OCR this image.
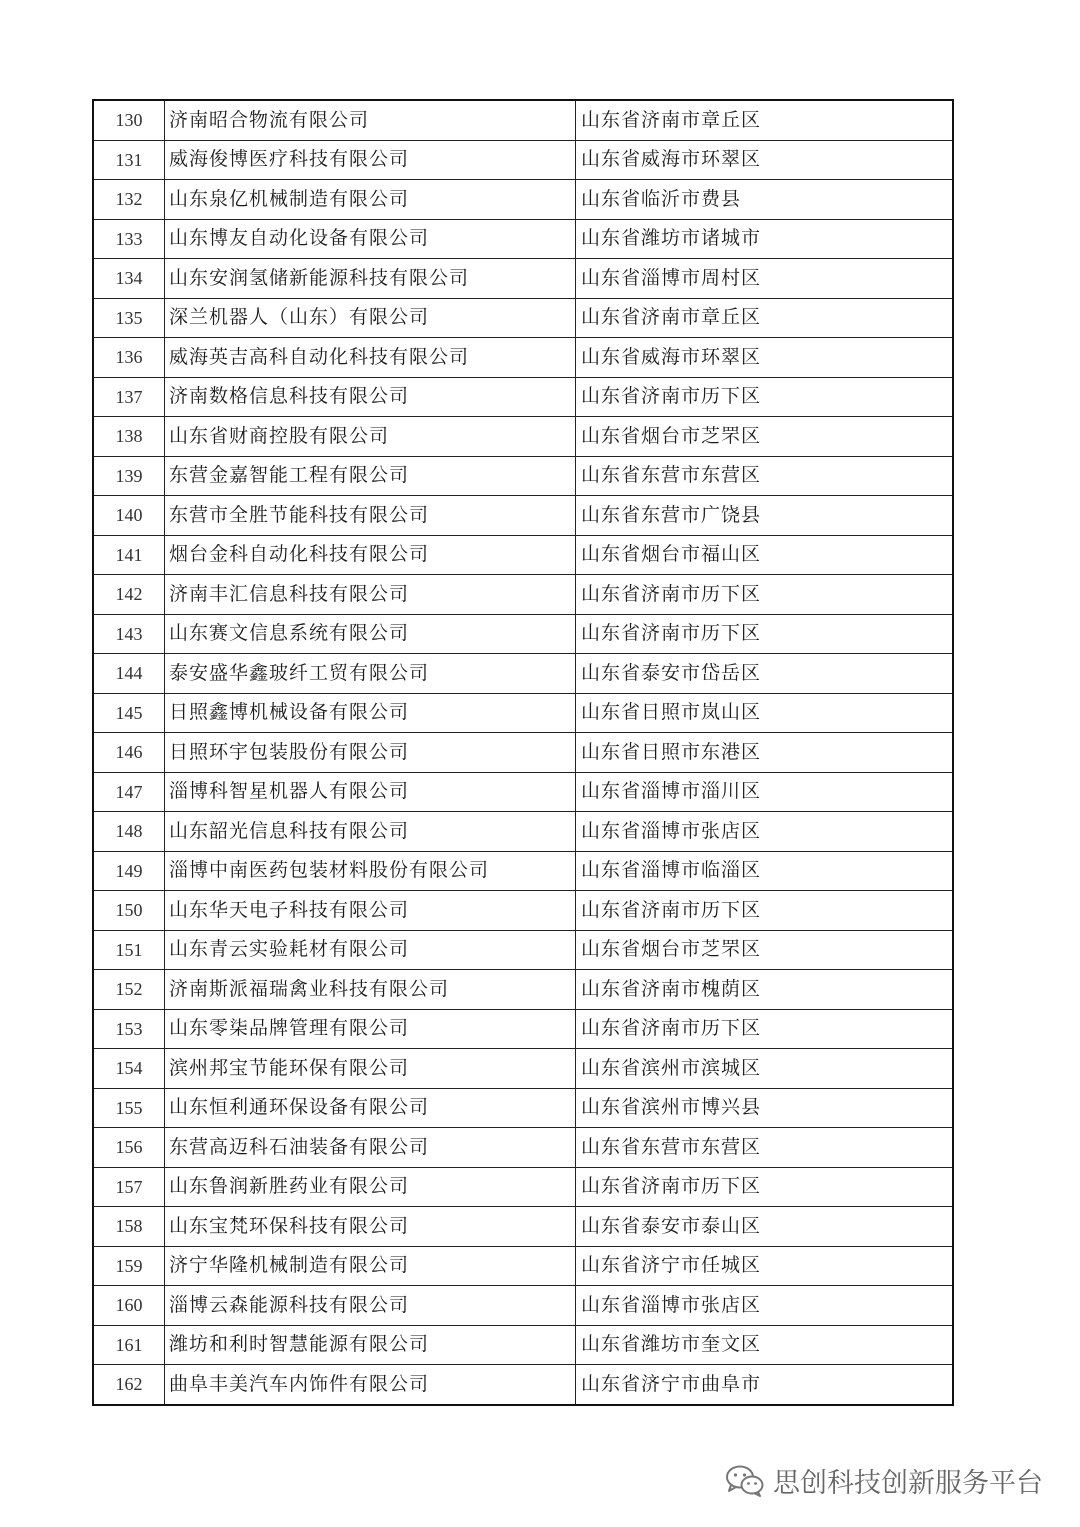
130	济南昭合物流有限公司	山东省济南市章丘区
131	威海俊博医疗科技有限公司	山东省威海市环翠区
132	山东泉亿机械制造有限公司	山东省临沂市费县
133	山东博友自动化设备有限公司	山东省潍坊市诸城市
134	山东安润氢储新能源科技有限公司	山东省淄博市周村区
135	深兰机器人（山东）有限公司	山东省济南市章丘区
136	威海英吉高科自动化科技有限公司	山东省威海市环翠区
137	济南数格信息科技有限公司	山东省济南市历下区
138	山东省财商控股有限公司	山东省烟台市芝罘区
139	东营金嘉智能工程有限公司	山东省东营市东营区
140	东营市全胜节能科技有限公司	山东省东营市广饶县
141	烟台金科自动化科技有限公司	山东省烟台市福山区
142	济南丰汇信息科技有限公司	山东省济南市历下区
143	山东赛文信息系统有限公司	山东省济南市历下区
144	泰安盛华鑫玻纤工贸有限公司	山东省泰安市岱岳区
145	日照鑫博机械设备有限公司	山东省日照市岚山区
146	日照环宇包装股份有限公司	山东省日照市东港区
147	淄博科智星机器人有限公司	山东省淄博市淄川区
148	山东韶光信息科技有限公司	山东省淄博市张店区
149	淄博中南医药包装材料股份有限公司	山东省淄博市临淄区
150	山东华天电子科技有限公司	山东省济南市历下区
151	山东青云实验耗材有限公司	山东省烟台市芝罘区
152	济南斯派福瑞禽业科技有限公司	山东省济南市槐荫区
153	山东零柒品牌管理有限公司	山东省济南市历下区
154	滨州邦宝节能环保有限公司	山东省滨州市滨城区
155	山东恒利通环保设备有限公司	山东省滨州市博兴县
156	东营高迈科石油装备有限公司	山东省东营市东营区
157	山东鲁润新胜药业有限公司	山东省济南市历下区
158	山东宝梵环保科技有限公司	山东省泰安市泰山区
159	济宁华隆机械制造有限公司	山东省济宁市任城区
160	淄博云森能源科技有限公司	山东省淄博市张店区
161	潍坊和利时智慧能源有限公司	山东省潍坊市奎文区
162	曲阜丰美汽车内饰件有限公司	山东省济宁市曲阜市
思创科技创新服务平台
